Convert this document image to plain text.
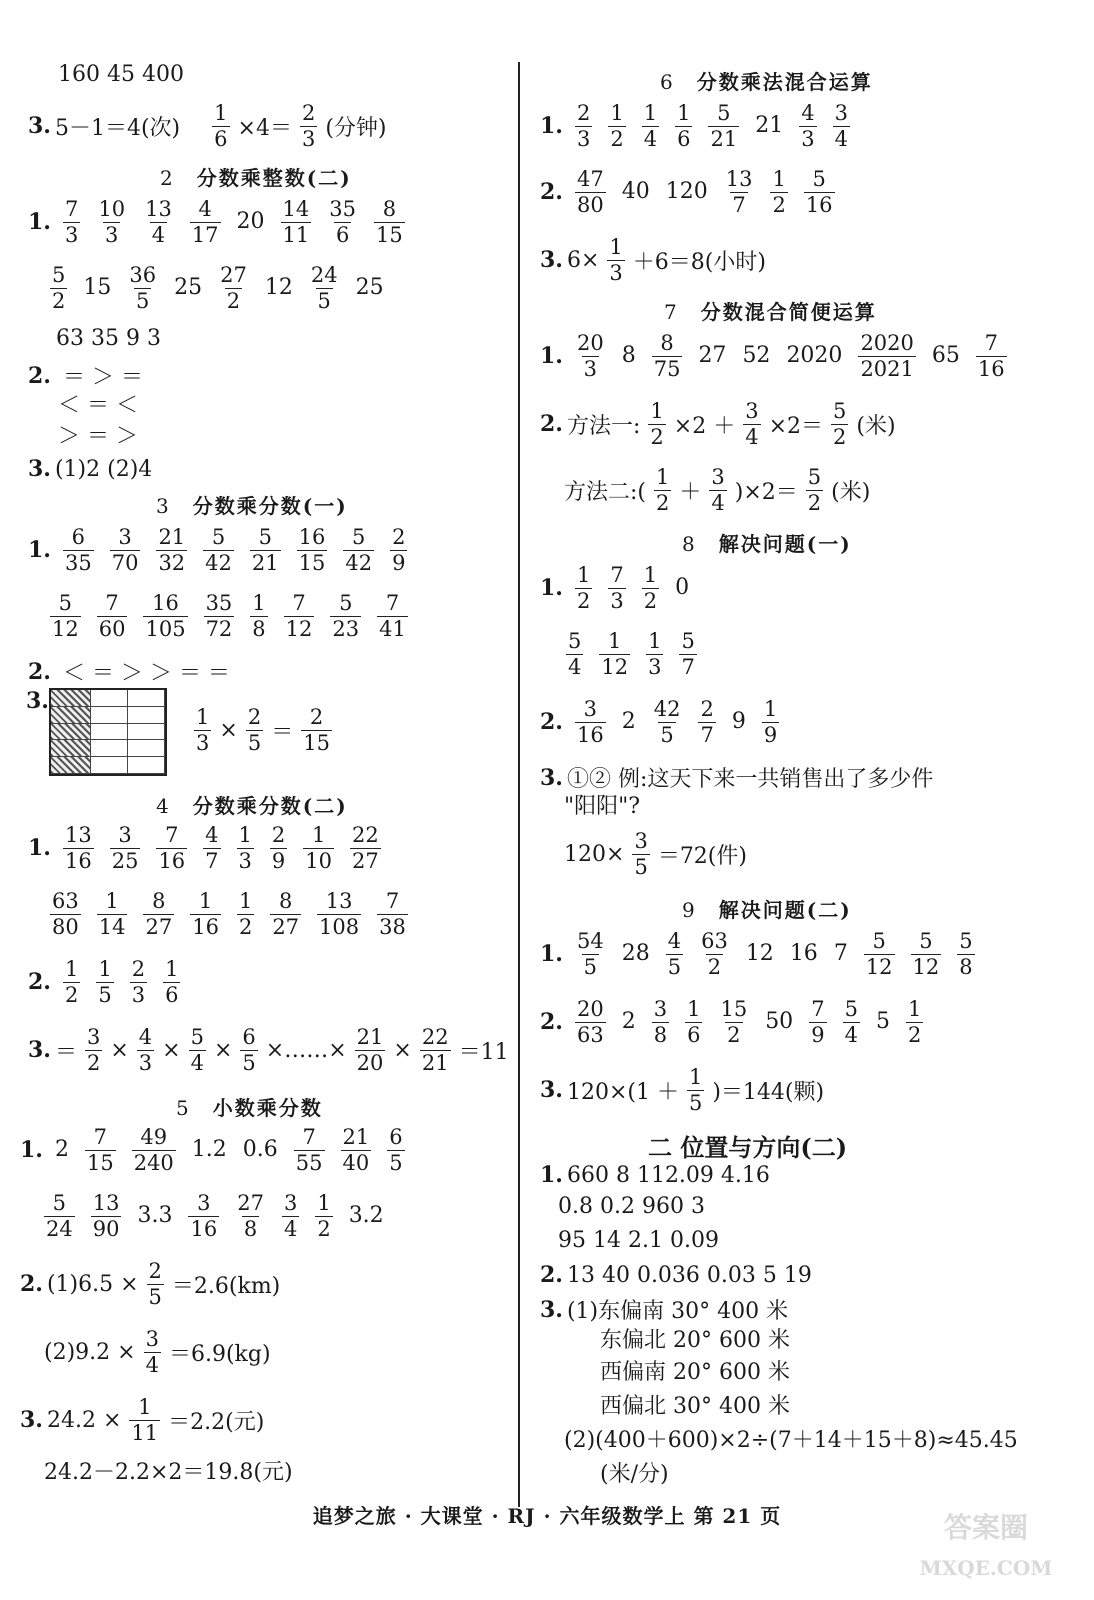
160 45 400
3. 5－1＝4(次) $\frac{1}{6} \times 4=$
2
3 (分钟)
2 分数乘整数(二)
1. $\frac{7}{3} \frac{10}{3} \frac{13}{4} \frac{4}{17} 20 \frac{14}{11} \frac{35}{6} \frac{8}{15}$
$\frac{5}{2} 15 \frac{36}{5} 25 \frac{27}{2} 12 \frac{24}{5} 25$
63 35 9 3
2. ＝ ＞ ＝
＜ ＝ ＜
＞ ＝ ＞
3. (1)2 (2)4
3 分数乘分数(一)
1. $\frac{6}{35} \frac{3}{70} \frac{21}{32} \frac{5}{42} \frac{5}{21} \frac{16}{15} \frac{5}{42} \frac{2}{9}$
$\frac{5}{12} \frac{7}{60} \frac{16}{105} \frac{35}{72} \frac{1}{8} \frac{7}{12} \frac{5}{23} \frac{7}{41}$
2. ＜ ＝ ＞ ＞ ＝ ＝
3.
1
3 ×
2
5 ＝
2
15
4 分数乘分数(二)
1. $\frac{13}{16} \frac{3}{25} \frac{7}{16} \frac{4}{7} \frac{1}{3} \frac{2}{9} \frac{1}{10} \frac{22}{27}$
$\frac{63}{80} \frac{1}{14} \frac{8}{27} \frac{1}{16} \frac{1}{2} \frac{8}{27} \frac{13}{108} \frac{7}{38}$
2. $\frac{1}{2} \frac{1}{5} \frac{2}{3} \frac{1}{6}$
3. ＝
3
2 ×
4
3 ×
5
$4 \times \frac{6}{5}$ ×……× $\frac{21}{20}$ ×
22
21 ＝11
5 小数乘分数
1. $2 \frac{7}{15} \frac{49}{240} 1.2$ $0.6 \frac{7}{55} \frac{21}{40} \frac{6}{5}$
$\frac{5}{24} \frac{13}{90} 3.3 \frac{3}{16} \frac{27}{8} \frac{3}{4} \frac{1}{2} 3.2$
2. $(1)6.5 \times \frac{2}{5} =2.6(km)$
$(2)9.2 \times \frac{3}{4} =6.9(kg)$
3. $24.2 \times \frac{1}{11} =2.2$(元)
24.2－2.2×2＝19.8(元)
6 分数乘法混合运算
1. $\frac{2}{3} \frac{1}{2} \frac{1}{4} \frac{1}{6} \frac{5}{21} 21 \frac{4}{3} \frac{3}{4}$
2. $\frac{47}{80} 40$ $120 \frac{13}{7} \frac{1}{2} \frac{5}{16}$
3. $6\times \frac{1}{3} +6=8$(小时)
7 分数混合简便运算
1. $\frac{20}{3} 8 \frac{8}{75} 27$ 52 $2020 \frac{2020}{2021} 65 \frac{7}{16}$
2. 方法一: $\frac{1}{2} \times 2 + \frac{3}{4} \times 2=$
5
2 (米)
方法二:(
1
2 ＋
3
4 )×2＝
5
2 (米)
8 解决问题(一)
1. $\frac{1}{2} \frac{7}{3} \frac{1}{2} 0$
$\frac{5}{4} \frac{1}{12} \frac{1}{3} \frac{5}{7}$
2. $\frac{3}{16} 2 \frac{42}{5} \frac{2}{7} 9 \frac{1}{9}$
3. ①② 例:这天下来一共销售出了多少件
"阳阳"?
$120\times \frac{3}{5} =72$(件)
9 解决问题(二)
1. $\frac{54}{5} 28 \frac{4}{5} \frac{63}{2} 12$ 16 $7 \frac{5}{12} \frac{5}{12} \frac{5}{8}$
2. $\frac{20}{63} 2 \frac{3}{8} \frac{1}{6} \frac{15}{2} 50 \frac{7}{9} \frac{5}{4} 5 \frac{1}{2}$
3. 120×(1 ＋
1
5 )＝144(颗)
二 位置与方向(二)
1. 660 8 112.09 4.16
0.8 0.2 960 3
95 14 2.1 0.09
2. 13 40 0.036 0.03 5 19
3. (1)东偏南 30° 400 米
东偏北 20° 600 米
西偏南 20° 600 米
西偏北 30° 400 米
(2)(400＋600)×2÷(7＋14＋15＋8)≈45.45
(米/分)
追梦之旅 · 大课堂 · RJ · 六年级数学上 第 21 页	答案圈
MXQE.COM
